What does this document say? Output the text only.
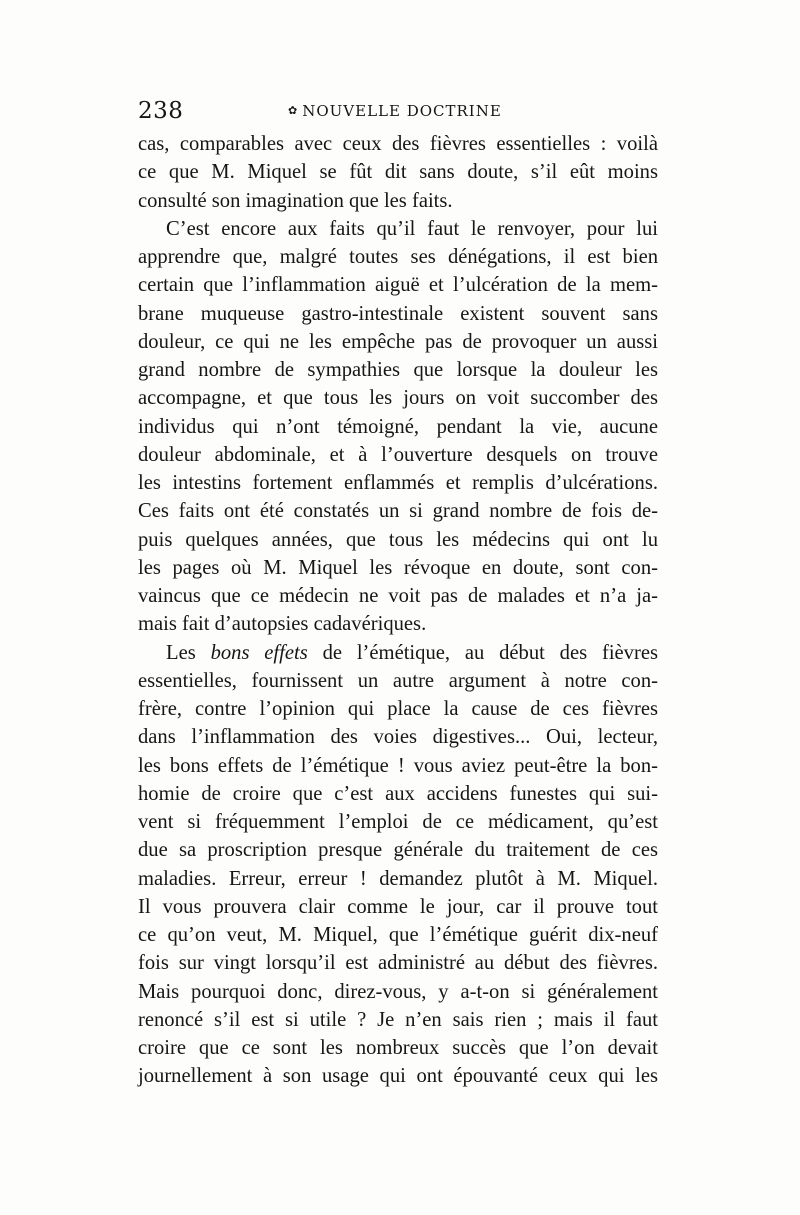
238	✿ NOUVELLE DOCTRINE

cas, comparables avec ceux des fièvres essentielles : voilà
ce que M. Miquel se fût dit sans doute, s’il eût moins
consulté son imagination que les faits.

C’est encore aux faits qu’il faut le renvoyer, pour lui
apprendre que, malgré toutes ses dénégations, il est bien
certain que l’inflammation aiguë et l’ulcération de la mem-
brane muqueuse gastro-intestinale existent souvent sans
douleur, ce qui ne les empêche pas de provoquer un aussi
grand nombre de sympathies que lorsque la douleur les
accompagne, et que tous les jours on voit succomber des
individus qui n’ont témoigné, pendant la vie, aucune
douleur abdominale, et à l’ouverture desquels on trouve
les intestins fortement enflammés et remplis d’ulcérations.
Ces faits ont été constatés un si grand nombre de fois de-
puis quelques années, que tous les médecins qui ont lu
les pages où M. Miquel les révoque en doute, sont con-
vaincus que ce médecin ne voit pas de malades et n’a ja-
mais fait d’autopsies cadavériques.

Les bons effets de l’émétique, au début des fièvres
essentielles, fournissent un autre argument à notre con-
frère, contre l’opinion qui place la cause de ces fièvres
dans l’inflammation des voies digestives... Oui, lecteur,
les bons effets de l’émétique ! vous aviez peut-être la bon-
homie de croire que c’est aux accidens funestes qui sui-
vent si fréquemment l’emploi de ce médicament, qu’est
due sa proscription presque générale du traitement de ces
maladies. Erreur, erreur ! demandez plutôt à M. Miquel.
Il vous prouvera clair comme le jour, car il prouve tout
ce qu’on veut, M. Miquel, que l’émétique guérit dix-neuf
fois sur vingt lorsqu’il est administré au début des fièvres.
Mais pourquoi donc, direz-vous, y a-t-on si généralement
renoncé s’il est si utile ? Je n’en sais rien ; mais il faut
croire que ce sont les nombreux succès que l’on devait
journellement à son usage qui ont épouvanté ceux qui les
